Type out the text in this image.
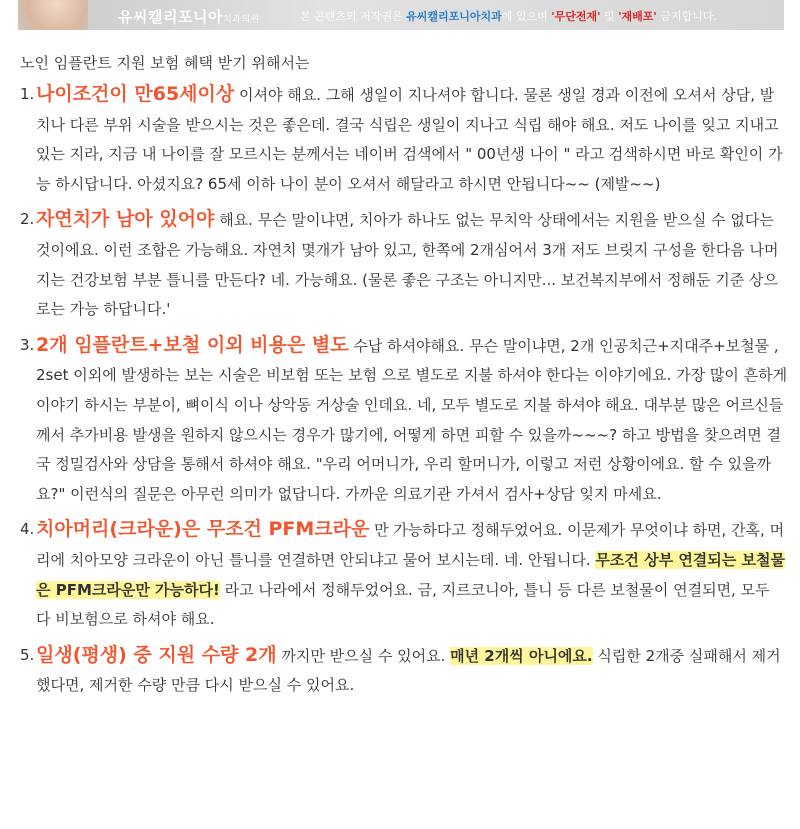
유씨캘리포니아치과의원	본 콘텐츠의 저작권은 유씨캘리포니아치과에 있으며 '무단전재' 및 '재배포' 금지합니다.

노인 임플란트 지원 보험 혜택 받기 위해서는

1. 나이조건이 만65세이상 이셔야 해요. 그해 생일이 지나셔야 합니다. 물론 생일 경과 이전에 오셔서 상담, 발치나 다른 부위 시술을 받으시는 것은 좋은데. 결국 식립은 생일이 지나고 식립 해야 해요. 저도 나이를 잊고 지내고 있는 지라, 지금 내 나이를 잘 모르시는 분께서는 네이버 검색에서 " 00년생 나이 " 라고 검색하시면 바로 확인이 가능 하시답니다. 아셨지요? 65세 이하 나이 분이 오셔서 해달라고 하시면 안됩니다~~ (제발~~)
2. 자연치가 남아 있어야 해요. 무슨 말이냐면, 치아가 하나도 없는 무치악 상태에서는 지원을 받으실 수 없다는 것이에요. 이런 조합은 가능해요. 자연치 몇개가 남아 있고, 한쪽에 2개심어서 3개 저도 브릿지 구성을 한다음 나머지는 건강보험 부분 틀니를 만든다? 네. 가능해요. (물론 좋은 구조는 아니지만... 보건복지부에서 정해둔 기준 상으로는 가능 하답니다.'
3. 2개 임플란트+보철 이외 비용은 별도 수납 하셔야해요. 무슨 말이냐면, 2개 인공치근+지대주+보철물 , 2set 이외에 발생하는 보는 시술은 비보험 또는 보험 으로 별도로 지불 하셔야 한다는 이야기에요. 가장 많이 흔하게 이야기 하시는 부분이, 뼈이식 이나 상악동 거상술 인데요. 네, 모두 별도로 지불 하셔야 해요. 대부분 많은 어르신들께서 추가비용 발생을 원하지 않으시는 경우가 많기에, 어떻게 하면 피할 수 있을까~~~? 하고 방법을 찾으려면 결국 정밀검사와 상담을 통해서 하셔야 해요. "우리 어머니가, 우리 할머니가, 이렇고 저런 상황이에요. 할 수 있을까요?" 이런식의 질문은 아무런 의미가 없답니다. 가까운 의료기관 가셔서 검사+상담 잊지 마세요.
4. 치아머리(크라운)은 무조건 PFM크라운 만 가능하다고 정해두었어요. 이문제가 무엇이냐 하면, 간혹, 머리에 치아모양 크라운이 아닌 틀니를 연결하면 안되냐고 물어 보시는데. 네. 안됩니다. 무조건 상부 연결되는 보철물은 PFM크라운만 가능하다! 라고 나라에서 정해두었어요. 금, 지르코니아, 틀니 등 다른 보철물이 연결되면, 모두 다 비보험으로 하셔야 해요.
5. 일생(평생) 중 지원 수량 2개 까지만 받으실 수 있어요. 매년 2개씩 아니에요. 식립한 2개중 실패해서 제거 했다면, 제거한 수량 만큼 다시 받으실 수 있어요.
